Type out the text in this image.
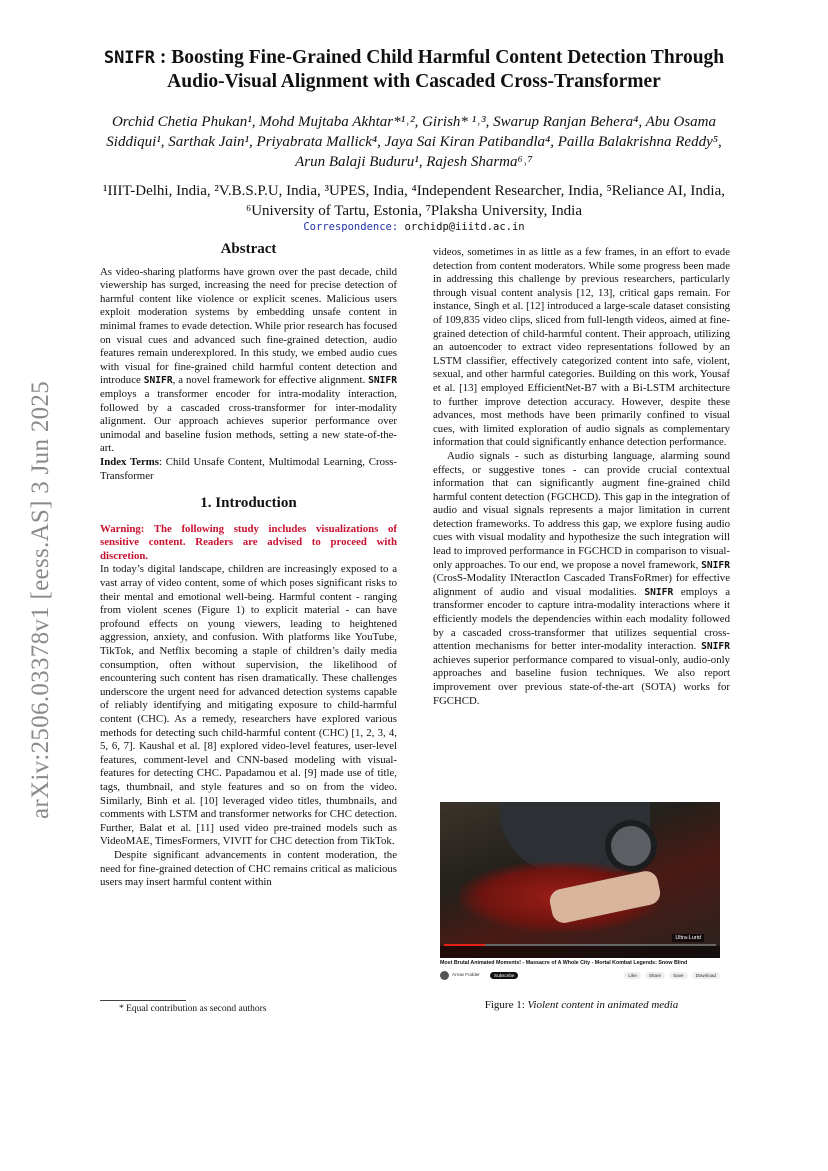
arXiv:2506.03378v1 [eess.AS] 3 Jun 2025
SNIFR : Boosting Fine-Grained Child Harmful Content Detection Through Audio-Visual Alignment with Cascaded Cross-Transformer
Orchid Chetia Phukan¹, Mohd Mujtaba Akhtar*¹˒², Girish* ¹˒³, Swarup Ranjan Behera⁴, Abu Osama Siddiqui¹, Sarthak Jain¹, Priyabrata Mallick⁴, Jaya Sai Kiran Patibandla⁴, Pailla Balakrishna Reddy⁵, Arun Balaji Buduru¹, Rajesh Sharma⁶˒⁷
¹IIIT-Delhi, India, ²V.B.S.P.U, India, ³UPES, India, ⁴Independent Researcher, India, ⁵Reliance AI, India, ⁶University of Tartu, Estonia, ⁷Plaksha University, India
Correspondence: orchidp@iiitd.ac.in
Abstract

As video-sharing platforms have grown over the past decade, child viewership has surged, increasing the need for precise detection of harmful content like violence or explicit scenes. Malicious users exploit moderation systems by embedding unsafe content in minimal frames to evade detection. While prior research has focused on visual cues and advanced such fine-grained detection, audio features remain underexplored. In this study, we embed audio cues with visual for fine-grained child harmful content detection and introduce SNIFR, a novel framework for effective alignment. SNIFR employs a transformer encoder for intra-modality interaction, followed by a cascaded cross-transformer for inter-modality alignment. Our approach achieves superior performance over unimodal and baseline fusion methods, setting a new state-of-the-art.

Index Terms: Child Unsafe Content, Multimodal Learning, Cross-Transformer

1. Introduction

Warning: The following study includes visualizations of sensitive content. Readers are advised to proceed with discretion.

In today’s digital landscape, children are increasingly exposed to a vast array of video content, some of which poses significant risks to their mental and emotional well-being. Harmful content - ranging from violent scenes (Figure 1) to explicit material - can have profound effects on young viewers, leading to heightened aggression, anxiety, and confusion. With platforms like YouTube, TikTok, and Netflix becoming a staple of children’s daily media consumption, often without supervision, the likelihood of encountering such content has risen dramatically. These challenges underscore the urgent need for advanced detection systems capable of reliably identifying and mitigating exposure to child-harmful content (CHC). As a remedy, researchers have explored various methods for detecting such child-harmful content (CHC) [1, 2, 3, 4, 5, 6, 7]. Kaushal et al. [8] explored video-level features, user-level features, comment-level and CNN-based modeling with visual-features for detecting CHC. Papadamou et al. [9] made use of title, tags, thumbnail, and style features and so on from the video. Similarly, Binh et al. [10] leveraged video titles, thumbnails, and comments with LSTM and transformer networks for CHC detection. Further, Balat et al. [11] used video pre-trained models such as VideoMAE, TimesFormers, VIVIT for CHC detection from TikTok.

Despite significant advancements in content moderation, the need for fine-grained detection of CHC remains critical as malicious users may insert harmful content within

videos, sometimes in as little as a few frames, in an effort to evade detection from content moderators. While some progress been made in addressing this challenge by previous researchers, particularly through visual content analysis [12, 13], critical gaps remain. For instance, Singh et al. [12] introduced a large-scale dataset consisting of 109,835 video clips, sliced from full-length videos, aimed at fine-grained detection of child-harmful content. Their approach, utilizing an autoencoder to extract video representations followed by an LSTM classifier, effectively categorized content into safe, violent, sexual, and other harmful categories. Building on this work, Yousaf et al. [13] employed EfficientNet-B7 with a Bi-LSTM architecture to further improve detection accuracy. However, despite these advances, most methods have been primarily confined to visual cues, with limited exploration of audio signals as complementary information that could significantly enhance detection performance.

Audio signals - such as disturbing language, alarming sound effects, or suggestive tones - can provide crucial contextual information that can significantly augment fine-grained child harmful content detection (FGCHCD). This gap in the integration of audio and visual signals represents a major limitation in current detection frameworks. To address this gap, we explore fusing audio cues with visual modality and hypothesize the such integration will lead to improved performance in FGCHCD in comparison to visual-only approaches. To our end, we propose a novel framework, SNIFR (CrosS-Modality INteractIon Cascaded TransFoRmer) for effective alignment of audio and visual modalities. SNIFR employs a transformer encoder to capture intra-modality interactions where it efficiently models the dependencies within each modality followed by a cascaded cross-transformer that utilizes sequential cross-attention mechanisms for better inter-modality interaction. SNIFR achieves superior performance compared to visual-only, audio-only approaches and baseline fusion techniques. We also report improvement over previous state-of-the-art (SOTA) works for FGCHCD.

Ultra-Lurid
Most Brutal Animated Moments! - Massacre of A Whole City - Mortal Kombat Legends: Snow Blind
Arrow Fodder	Subscribe	Like	Share	Save	Download
Figure 1: Violent content in animated media
* Equal contribution as second authors
